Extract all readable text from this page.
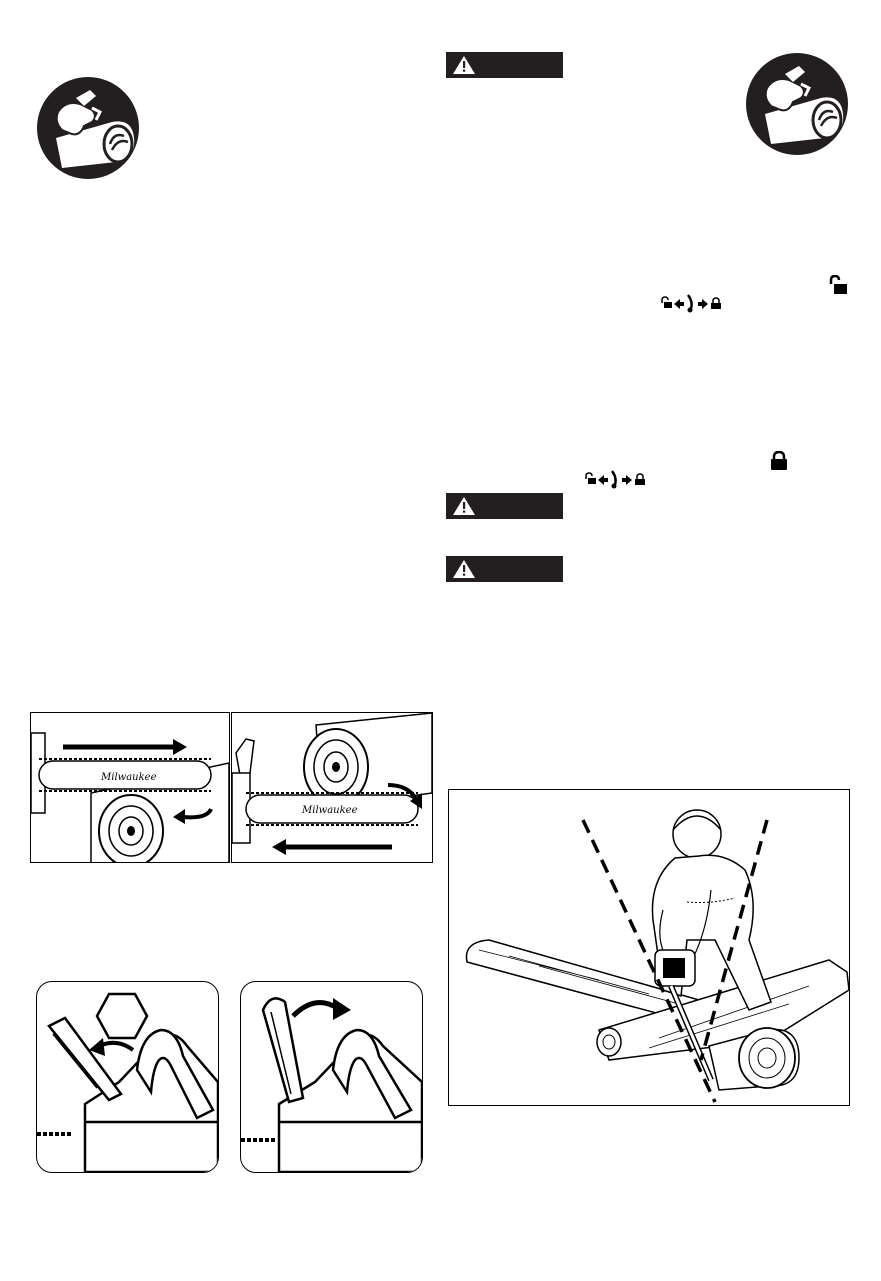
Milwaukee
Milwaukee
